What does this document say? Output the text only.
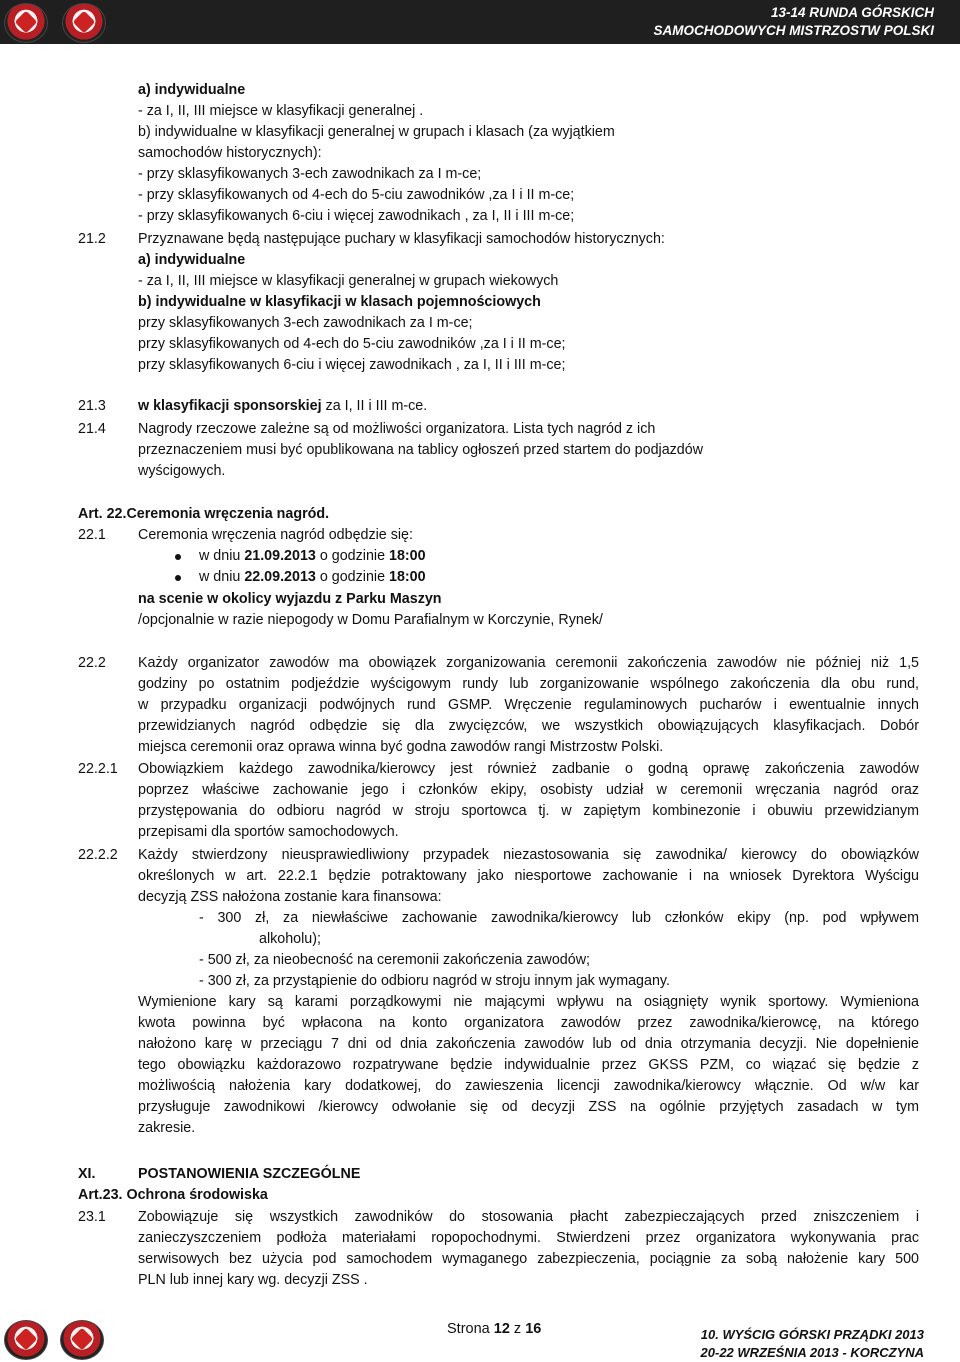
13-14 RUNDA GÓRSKICH
SAMOCHODOWYCH MISTRZOSTW POLSKI
a) indywidualne
- za I, II, III miejsce w klasyfikacji generalnej .
b) indywidualne w klasyfikacji generalnej w grupach i klasach (za wyjątkiem
samochodów historycznych):
- przy sklasyfikowanych 3-ech zawodnikach za I m-ce;
- przy sklasyfikowanych od 4-ech do 5-ciu zawodników ,za I i II m-ce;
- przy sklasyfikowanych 6-ciu i więcej zawodnikach , za I, II i III m-ce;
21.2 Przyznawane będą następujące puchary w klasyfikacji samochodów historycznych:
a) indywidualne
- za I, II, III miejsce w klasyfikacji generalnej w grupach wiekowych
b) indywidualne w klasyfikacji w klasach pojemnościowych
przy sklasyfikowanych 3-ech zawodnikach za I m-ce;
przy sklasyfikowanych od 4-ech do 5-ciu zawodników ,za I i II m-ce;
przy sklasyfikowanych 6-ciu i więcej zawodnikach , za I, II i III m-ce;
21.3 w klasyfikacji sponsorskiej za I, II i III m-ce.
21.4 Nagrody rzeczowe zależne są od możliwości organizatora. Lista tych nagród z ich
przeznaczeniem musi być opublikowana na tablicy ogłoszeń przed startem do podjazdów
wyścigowych.
Art. 22.Ceremonia wręczenia nagród.
22.1 Ceremonia wręczenia nagród odbędzie się:
w dniu 21.09.2013 o godzinie 18:00
w dniu 22.09.2013 o godzinie 18:00
na scenie w okolicy wyjazdu z Parku Maszyn
/opcjonalnie w razie niepogody w Domu Parafialnym w Korczynie, Rynek/
22.2 Każdy organizator zawodów ma obowiązek zorganizowania ceremonii zakończenia zawodów nie później niż 1,5
godziny po ostatnim podjeździe wyścigowym rundy lub zorganizowanie wspólnego zakończenia dla obu rund,
w przypadku organizacji podwójnych rund GSMP. Wręczenie regulaminowych pucharów i ewentualnie innych
przewidzianych nagród odbędzie się dla zwycięzców, we wszystkich obowiązujących klasyfikacjach. Dobór
miejsca ceremonii oraz oprawa winna być godna zawodów rangi Mistrzostw Polski.
22.2.1 Obowiązkiem każdego zawodnika/kierowcy jest również zadbanie o godną oprawę zakończenia zawodów
poprzez właściwe zachowanie jego i członków ekipy, osobisty udział w ceremonii wręczania nagród oraz
przystępowania do odbioru nagród w stroju sportowca tj. w zapiętym kombinezonie i obuwiu przewidzianym
przepisami dla sportów samochodowych.
22.2.2 Każdy stwierdzony nieusprawiedliwiony przypadek niezastosowania się zawodnika/ kierowcy do obowiązków
określonych w art. 22.2.1 będzie potraktowany jako niesportowe zachowanie i na wniosek Dyrektora Wyścigu
decyzją ZSS nałożona zostanie kara finansowa:
- 300 zł, za niewłaściwe zachowanie zawodnika/kierowcy lub członków ekipy (np. pod wpływem
alkoholu);
- 500 zł, za nieobecność na ceremonii zakończenia zawodów;
- 300 zł, za przystąpienie do odbioru nagród w stroju innym jak wymagany.
Wymienione kary są karami porządkowymi nie mającymi wpływu na osiągnięty wynik sportowy. Wymieniona
kwota powinna być wpłacona na konto organizatora zawodów przez zawodnika/kierowcę, na którego
nałożono karę w przeciągu 7 dni od dnia zakończenia zawodów lub od dnia otrzymania decyzji. Nie dopełnienie
tego obowiązku każdorazowo rozpatrywane będzie indywidualnie przez GKSS PZM, co wiązać się będzie z
możliwością nałożenia kary dodatkowej, do zawieszenia licencji zawodnika/kierowcy włącznie. Od w/w kar
przysługuje zawodnikowi /kierowcy odwołanie się od decyzji ZSS na ogólnie przyjętych zasadach w tym
zakresie.
XI.	POSTANOWIENIA SZCZEGÓLNE
Art.23. Ochrona środowiska
23.1 Zobowiązuje się wszystkich zawodników do stosowania płacht zabezpieczających przed zniszczeniem i
zanieczyszczeniem podłoża materiałami ropopochodnymi. Stwierdzeni przez organizatora wykonywania prac
serwisowych bez użycia pod samochodem wymaganego zabezpieczenia, pociągnie za sobą nałożenie kary 500
PLN lub innej kary wg. decyzji ZSS .
10. WYŚCIG GÓRSKI PRZĄDKI 2013
20-22 WRZEŚNIA 2013 - KORCZYNA
Strona 12 z 16
